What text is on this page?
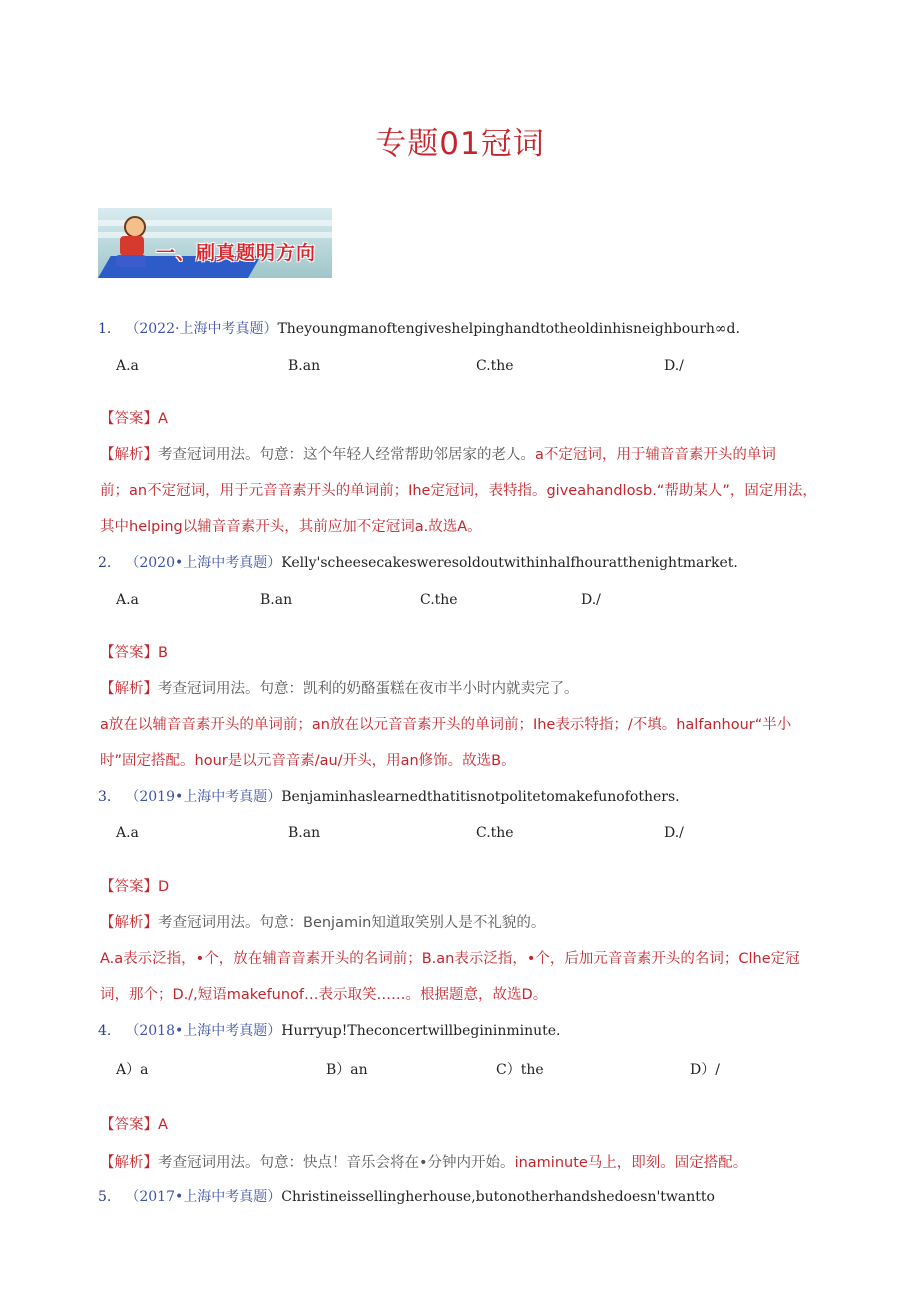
专题01冠词
一、刷真题明方向
1. （2022·上海中考真题）Theyoungmanoftengiveshelpinghandtotheoldinhisneighbourh∞d.
A.a	B.an	C.the	D./
【答案】A
【解析】考查冠词用法。句意：这个年轻人经常帮助邻居家的老人。a不定冠词，用于辅音音素开头的单词
前；an不定冠词，用于元音音素开头的单词前；Ihe定冠词，表特指。giveahandlosb.“帮助某人”，固定用法，
其中helping以辅音音素开头，其前应加不定冠词a.故选A。
2. （2020•上海中考真题）Kelly'scheesecakesweresoldoutwithinhalfhouratthenightmarket.
A.a	B.an	C.the	D./
【答案】B
【解析】考查冠词用法。句意：凯利的奶酪蛋糕在夜市半小时内就卖完了。
a放在以辅音音素开头的单词前；an放在以元音音素开头的单词前；Ihe表示特指；/不填。halfanhour“半小
时”固定搭配。hour是以元音音素/au/开头，用an修饰。故选B。
3. （2019•上海中考真题）Benjaminhaslearnedthatitisnotpolitetomakefunofothers.
A.a	B.an	C.the	D./
【答案】D
【解析】考查冠词用法。句意：Benjamin知道取笑别人是不礼貌的。
A.a表示泛指，•个，放在辅音音素开头的名词前；B.an表示泛指，•个，后加元音音素开头的名词；Clhe定冠
词，那个；D./,短语makefunof…表示取笑……。根据题意，故选D。
4. （2018•上海中考真题）Hurryup!Theconcertwillbegininminute.
A）a	B）an	C）the	D）/
【答案】A
【解析】考查冠词用法。句意：快点！音乐会将在•分钟内开始。inaminute马上，即刻。固定搭配。
5. （2017•上海中考真题）Christineissellingherhouse,butonotherhandshedoesn'twantto
